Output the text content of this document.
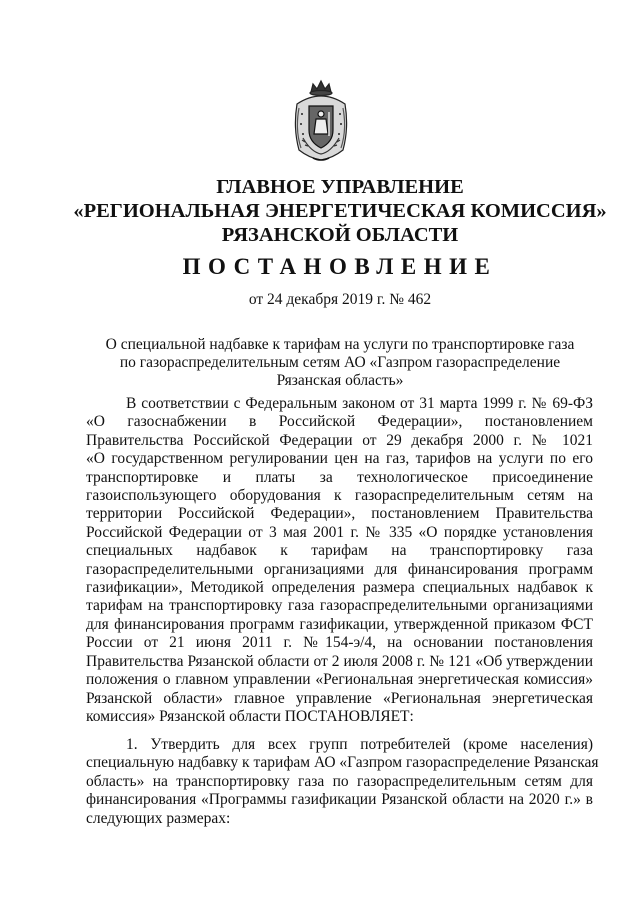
ГЛАВНОЕ УПРАВЛЕНИЕ
«РЕГИОНАЛЬНАЯ ЭНЕРГЕТИЧЕСКАЯ КОМИССИЯ»
РЯЗАНСКОЙ ОБЛАСТИ
ПОСТАНОВЛЕНИЕ
от 24 декабря 2019 г. № 462
О специальной надбавке к тарифам на услуги по транспортировке газа
по газораспределительным сетям АО «Газпром газораспределение
Рязанская область»
В соответствии с Федеральным законом от 31 марта 1999 г. № 69-ФЗ
«О газоснабжении в Российской Федерации», постановлением
Правительства Российской Федерации от 29 декабря 2000 г. № 1021
«О государственном регулировании цен на газ, тарифов на услуги по его
транспортировке и платы за технологическое присоединение
газоиспользующего оборудования к газораспределительным сетям на
территории Российской Федерации», постановлением Правительства
Российской Федерации от 3 мая 2001 г. № 335 «О порядке установления
специальных надбавок к тарифам на транспортировку газа
газораспределительными организациями для финансирования программ
газификации», Методикой определения размера специальных надбавок к
тарифам на транспортировку газа газораспределительными организациями
для финансирования программ газификации, утвержденной приказом ФСТ
России от 21 июня 2011 г. №154-э/4, на основании постановления
Правительства Рязанской области от 2 июля 2008 г. № 121 «Об утверждении
положения о главном управлении «Региональная энергетическая комиссия»
Рязанской области» главное управление «Региональная энергетическая
комиссия» Рязанской области ПОСТАНОВЛЯЕТ:
1. Утвердить для всех групп потребителей (кроме населения)
специальную надбавку к тарифам АО «Газпром газораспределение Рязанская
область» на транспортировку газа по газораспределительным сетям для
финансирования «Программы газификации Рязанской области на 2020 г.» в
следующих размерах:
